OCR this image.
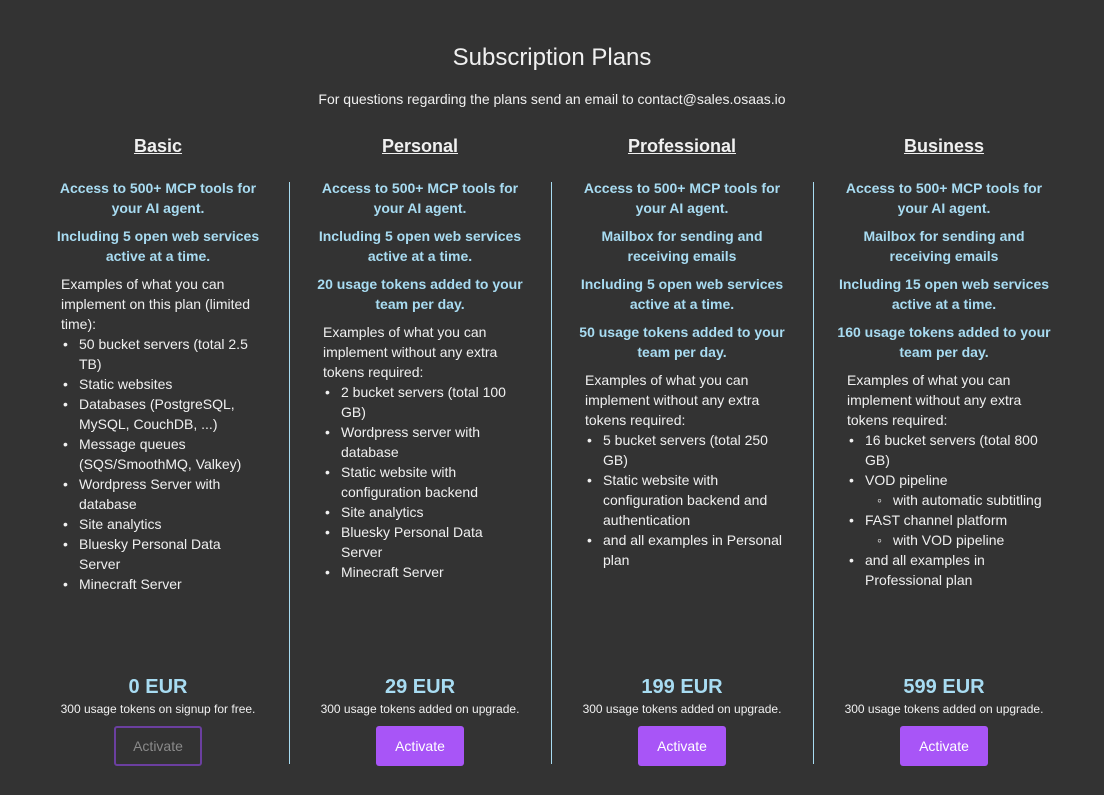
Subscription Plans
For questions regarding the plans send an email to contact@sales.osaas.io
Basic

Access to 500+ MCP tools for your AI agent.

Including 5 open web services active at a time.

Examples of what you can implement on this plan (limited time):
• 50 bucket servers (total 2.5 TB)
• Static websites
• Databases (PostgreSQL, MySQL, CouchDB, ...)
• Message queues (SQS/SmoothMQ, Valkey)
• Wordpress Server with database
• Site analytics
• Bluesky Personal Data Server
• Minecraft Server
0 EUR
300 usage tokens on signup for free.
Activate
Personal

Access to 500+ MCP tools for your AI agent.

Including 5 open web services active at a time.

20 usage tokens added to your team per day.

Examples of what you can implement without any extra tokens required:
• 2 bucket servers (total 100 GB)
• Wordpress server with database
• Static website with configuration backend
• Site analytics
• Bluesky Personal Data Server
• Minecraft Server
29 EUR
300 usage tokens added on upgrade.
Activate
Professional

Access to 500+ MCP tools for your AI agent.

Mailbox for sending and receiving emails

Including 5 open web services active at a time.

50 usage tokens added to your team per day.

Examples of what you can implement without any extra tokens required:
• 5 bucket servers (total 250 GB)
• Static website with configuration backend and authentication
• and all examples in Personal plan
199 EUR
300 usage tokens added on upgrade.
Activate
Business

Access to 500+ MCP tools for your AI agent.

Mailbox for sending and receiving emails

Including 15 open web services active at a time.

160 usage tokens added to your team per day.

Examples of what you can implement without any extra tokens required:
• 16 bucket servers (total 800 GB)
• VOD pipeline
◦ with automatic subtitling
• FAST channel platform
◦ with VOD pipeline
• and all examples in Professional plan
599 EUR
300 usage tokens added on upgrade.
Activate
